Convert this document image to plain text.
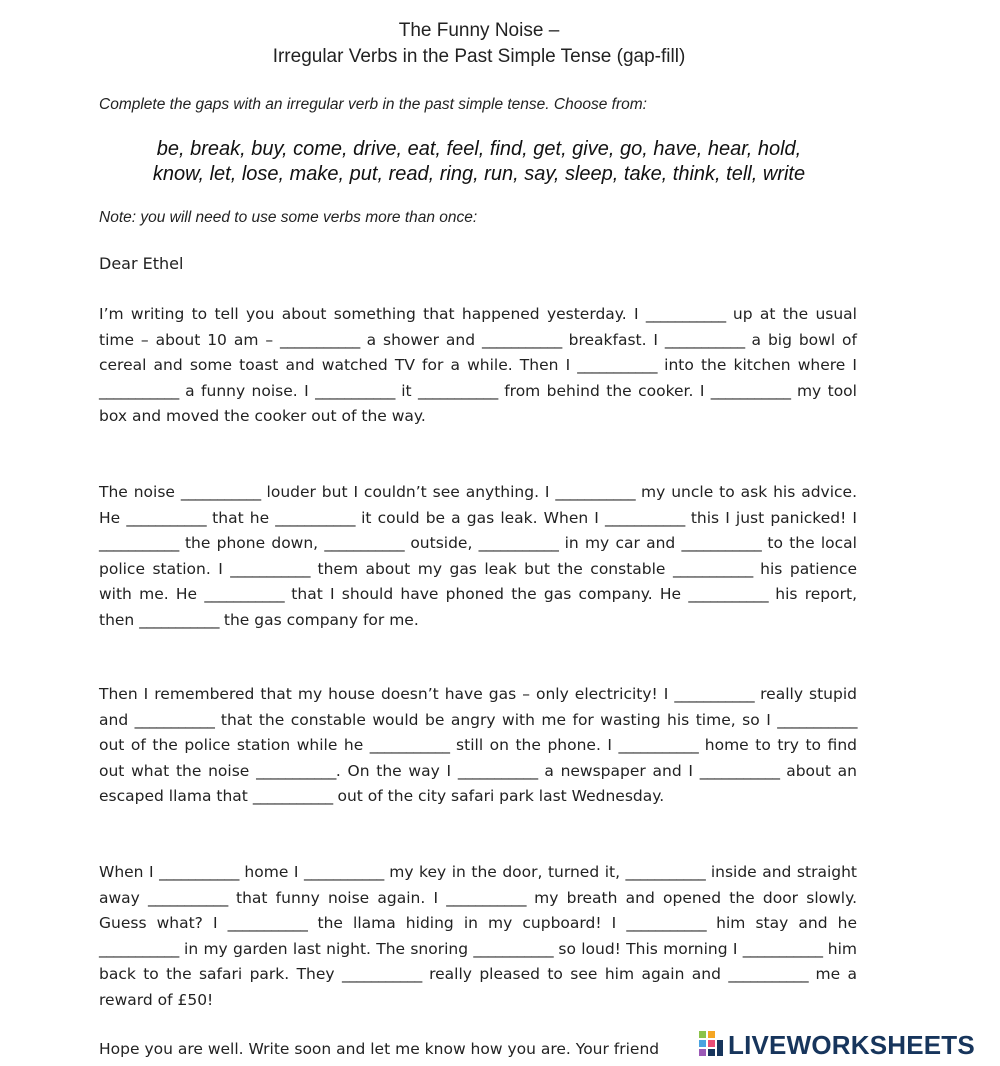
The Funny Noise –
Irregular Verbs in the Past Simple Tense (gap-fill)
Complete the gaps with an irregular verb in the past simple tense. Choose from:
be, break, buy, come, drive, eat, feel, find, get, give, go, have, hear, hold,
know, let, lose, make, put, read, ring, run, say, sleep, take, think, tell, write
Note: you will need to use some verbs more than once:
Dear Ethel
I’m writing to tell you about something that happened yesterday. I ___________ up at the usual time – about 10 am – ___________ a shower and ___________ breakfast. I ___________ a big bowl of cereal and some toast and watched TV for a while. Then I ___________ into the kitchen where I ___________ a funny noise. I ___________ it ___________ from behind the cooker. I ___________ my tool box and moved the cooker out of the way.
The noise ___________ louder but I couldn’t see anything. I ___________ my uncle to ask his advice. He ___________ that he ___________ it could be a gas leak. When I ___________ this I just panicked! I ___________ the phone down, ___________ outside, ___________ in my car and ___________ to the local police station. I ___________ them about my gas leak but the constable ___________ his patience with me. He ___________ that I should have phoned the gas company. He ___________ his report, then ___________ the gas company for me.
Then I remembered that my house doesn’t have gas – only electricity! I ___________ really stupid and ___________ that the constable would be angry with me for wasting his time, so I ___________ out of the police station while he ___________ still on the phone. I ___________ home to try to find out what the noise ___________. On the way I ___________ a newspaper and I ___________ about an escaped llama that ___________ out of the city safari park last Wednesday.
When I ___________ home I ___________ my key in the door, turned it, ___________ inside and straight away ___________ that funny noise again. I ___________ my breath and opened the door slowly. Guess what? I ___________ the llama hiding in my cupboard! I ___________ him stay and he ___________ in my garden last night. The snoring ___________ so loud! This morning I ___________ him back to the safari park. They ___________ really pleased to see him again and ___________ me a reward of £50!
Hope you are well. Write soon and let me know how you are. Your friend	LIVEWORKSHEETS
